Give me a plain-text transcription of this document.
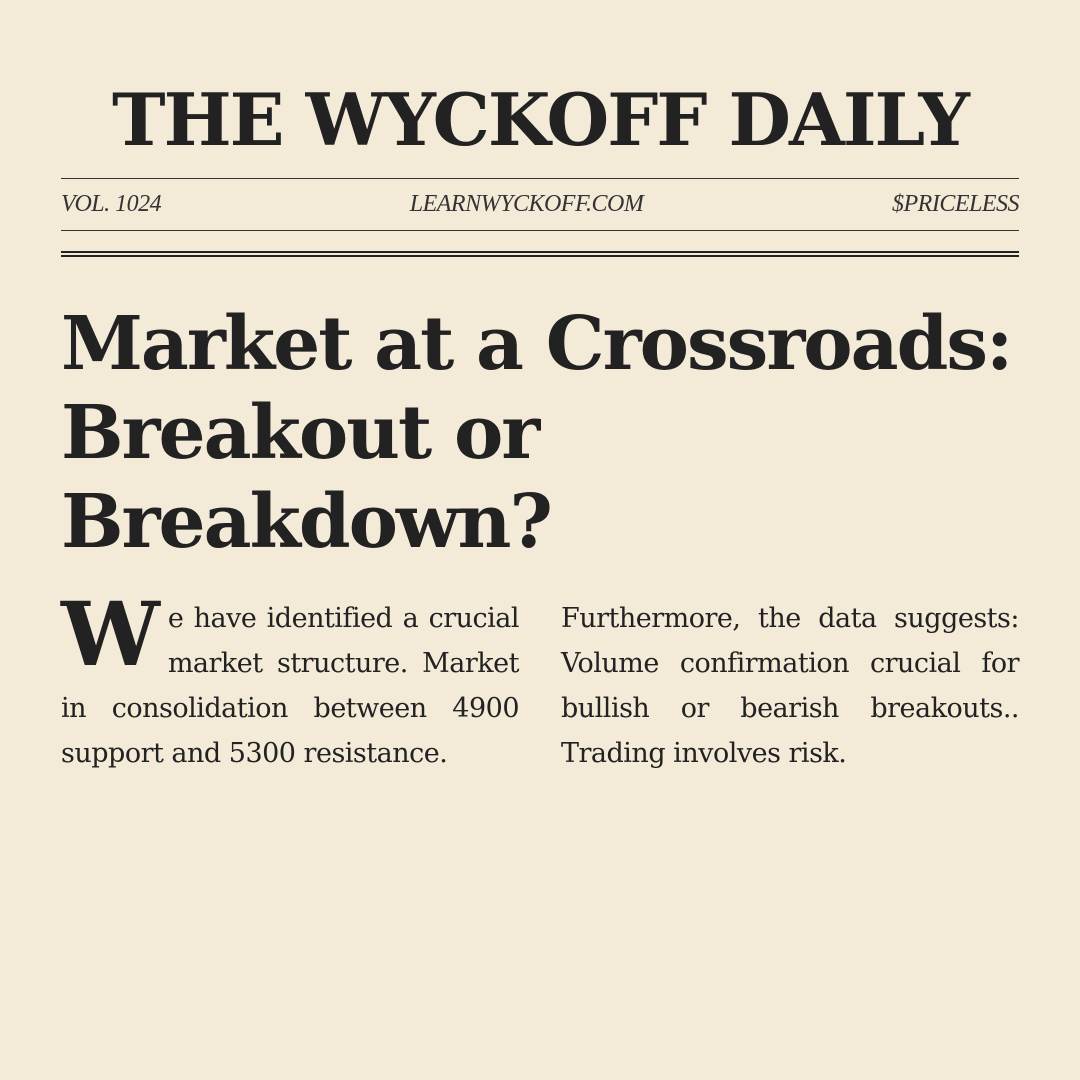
THE WYCKOFF DAILY
VOL. 1024	LEARNWYCKOFF.COM	$PRICELESS
Market at a Crossroads: Breakout or Breakdown?

We have identified a crucial market structure. Market in consolidation between 4900 support and 5300 resistance.

Furthermore, the data suggests: Volume confirmation crucial for bullish or bearish breakouts.. Trading involves risk.
